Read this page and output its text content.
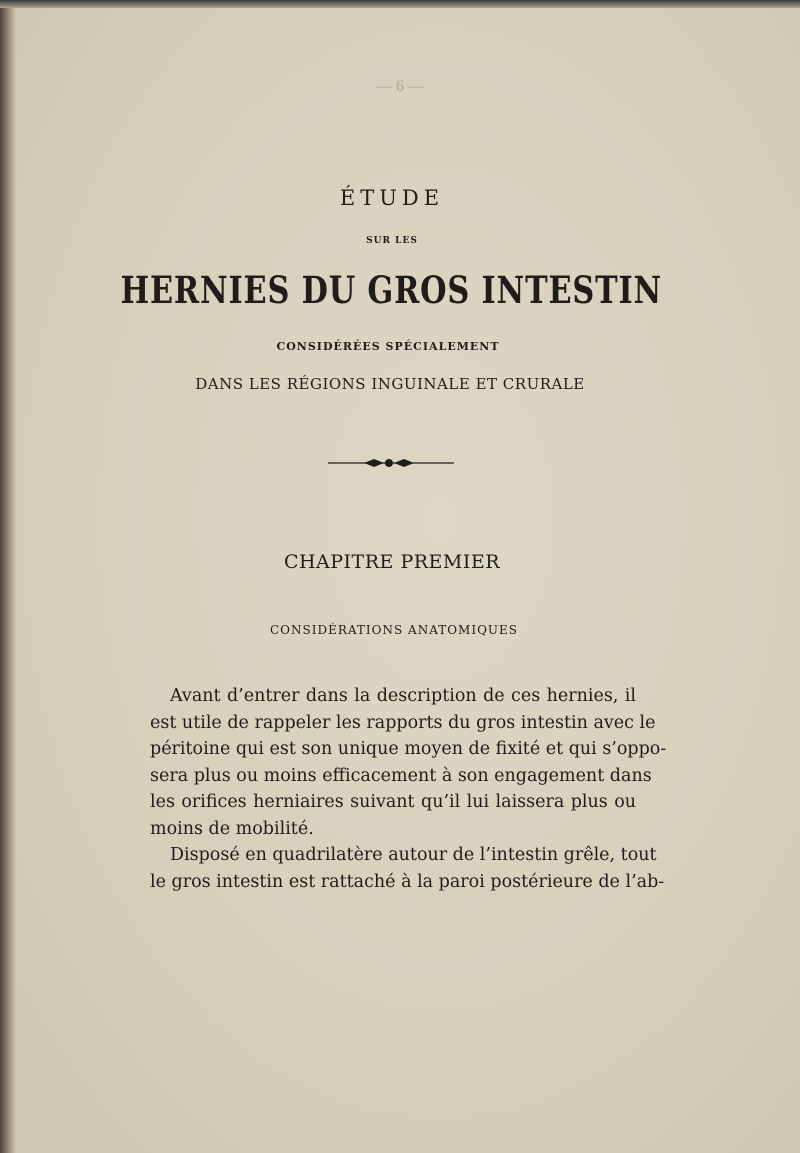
— 6 —
ÉTUDE
SUR LES
HERNIES DU GROS INTESTIN
CONSIDÉRÉES SPÉCIALEMENT
DANS LES RÉGIONS INGUINALE ET CRURALE
CHAPITRE PREMIER
CONSIDÉRATIONS ANATOMIQUES
Avant d’entrer dans la description de ces hernies, il
est utile de rappeler les rapports du gros intestin avec le
péritoine qui est son unique moyen de fixité et qui s’oppo-
sera plus ou moins efficacement à son engagement dans
les orifices herniaires suivant qu’il lui laissera plus ou
moins de mobilité.
Disposé en quadrilatère autour de l’intestin grêle, tout
le gros intestin est rattaché à la paroi postérieure de l’ab-
